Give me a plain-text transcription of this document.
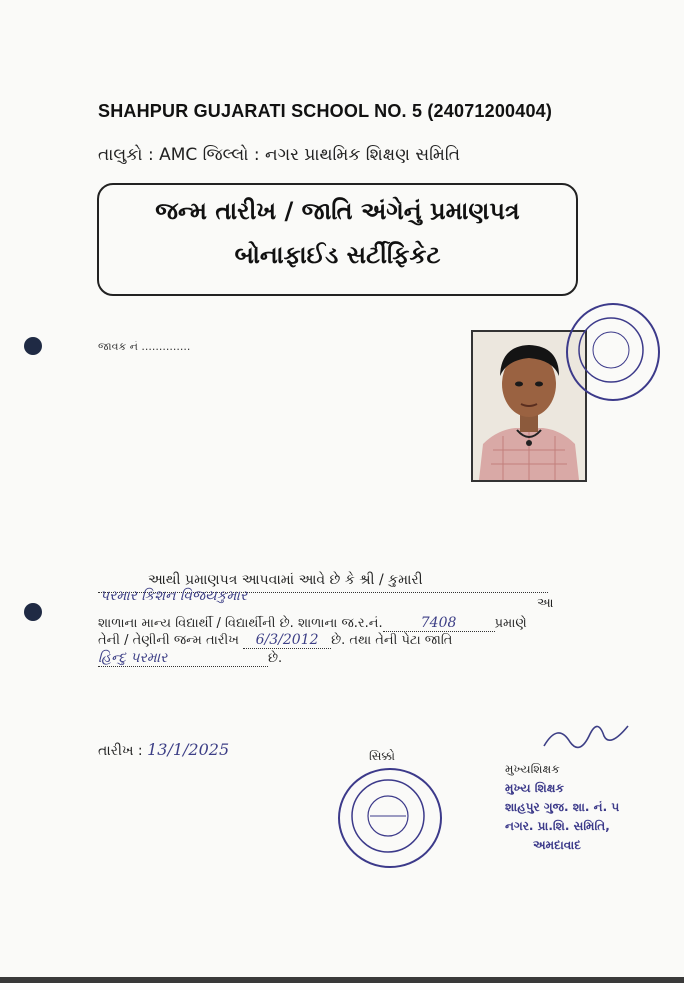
SHAHPUR GUJARATI SCHOOL NO. 5 (24071200404)
તાલુકો : AMC જિલ્લો : નગર પ્રાથમિક શિક્ષણ સમિતિ
જન્મ તારીખ / જાતિ અંગેનું પ્રમાણપત્ર
બોનાફાઈડ સર્ટીફિકેટ
જાવક નં ..............
આથી પ્રમાણપત્ર આપવામાં આવે છે કે શ્રી / કુમારી
પરમાર કિશન વિજયકુમાર	આ
શાળાના માન્ય વિદ્યાર્થી / વિદ્યાર્થીની છે. શાળાના જ.ર.નં.	7408	પ્રમાણે
તેની / તેણીની જન્મ તારીખ 6/3/2012 છે. તથા તેની પેટા જાતિ
હિન્દુ પરમાર	છે.
તારીખ : 13/1/2025	સિક્કો
મુખ્યશિક્ષક
મુખ્ય શિક્ષક
શાહપુર ગુજ. શા. નં. ૫
નગર. પ્રા.શિ. સમિતિ,
અમદાવાદ
